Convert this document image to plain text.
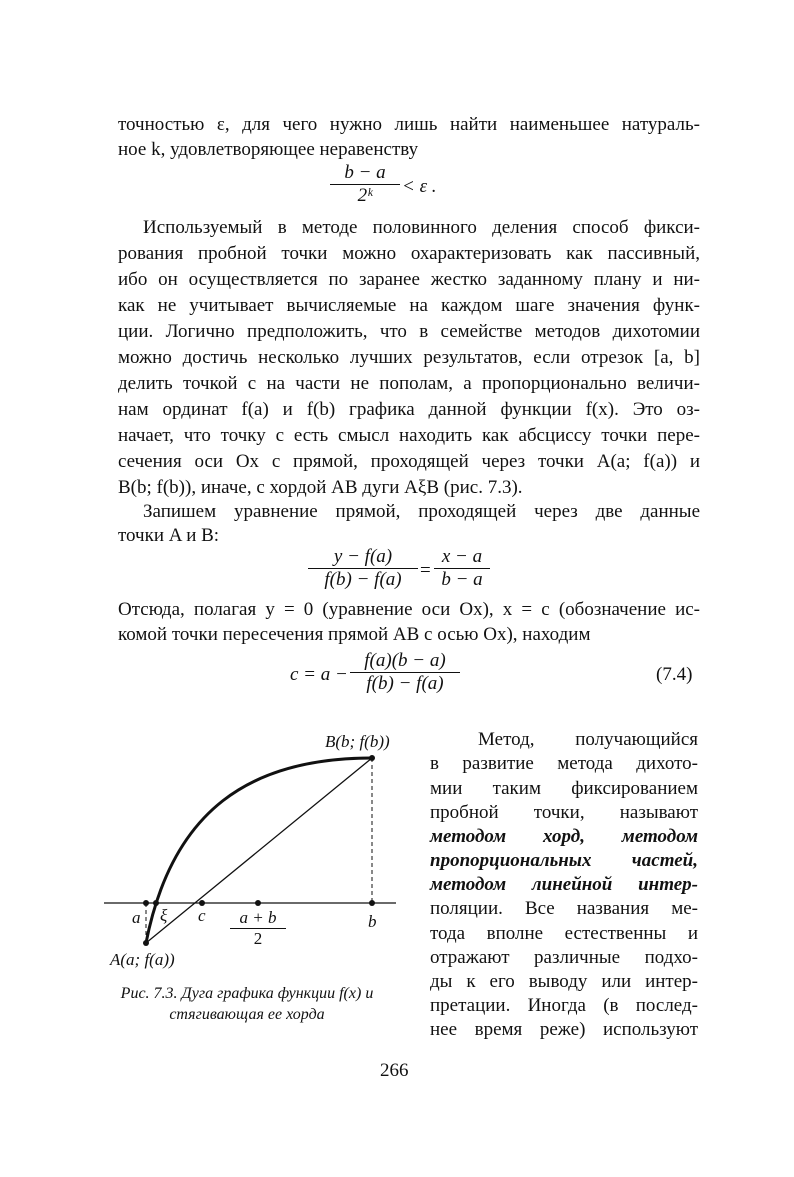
точностью ε, для чего нужно лишь найти наименьшее натураль-
ное k, удовлетворяющее неравенству
$\frac{b - a}{\text{2ᵏ}} < \varepsilon$ .
Используемый в методе половинного деления способ фикси-
рования пробной точки можно охарактеризовать как пассивный,
ибо он осуществляется по заранее жестко заданному плану и ни-
как не учитывает вычисляемые на каждом шаге значения функ-
ции. Логично предположить, что в семействе методов дихотомии
можно достичь несколько лучших результатов, если отрезок [a, b]
делить точкой c на части не пополам, а пропорционально величи-
нам ординат f(a) и f(b) графика данной функции f(x). Это оз-
начает, что точку c есть смысл находить как абсциссу точки пере-
сечения оси Ox с прямой, проходящей через точки A(a; f(a)) и
B(b; f(b)), иначе, с хордой AB дуги AξB (рис. 7.3).
Запишем уравнение прямой, проходящей через две данные
точки A и B:
$\frac{y - f(a)}{f(b) - f(a)} = \frac{x - a}{b - a}$
Отсюда, полагая y = 0 (уравнение оси Ox), x = c (обозначение ис-
комой точки пересечения прямой AB с осью Ox), находим
$c = a - \frac{f(a)(b - a)}{f(b) - f(a)}$	(7.4)
B(b; f(b))
a ξ c $\frac{a + b}{2}$	b
A(a; f(a))
Рис. 7.3. Дуга графика функции f(x) и
стягивающая ее хорда
Метод, получающийся
в развитие метода дихото-
мии таким фиксированием
пробной точки, называют
методом хорд, методом
пропорциональных частей,
методом линейной интер-
поляции. Все названия ме-
тода вполне естественны и
отражают различные подхо-
ды к его выводу или интер-
претации. Иногда (в послед-
нее время реже) используют
266
